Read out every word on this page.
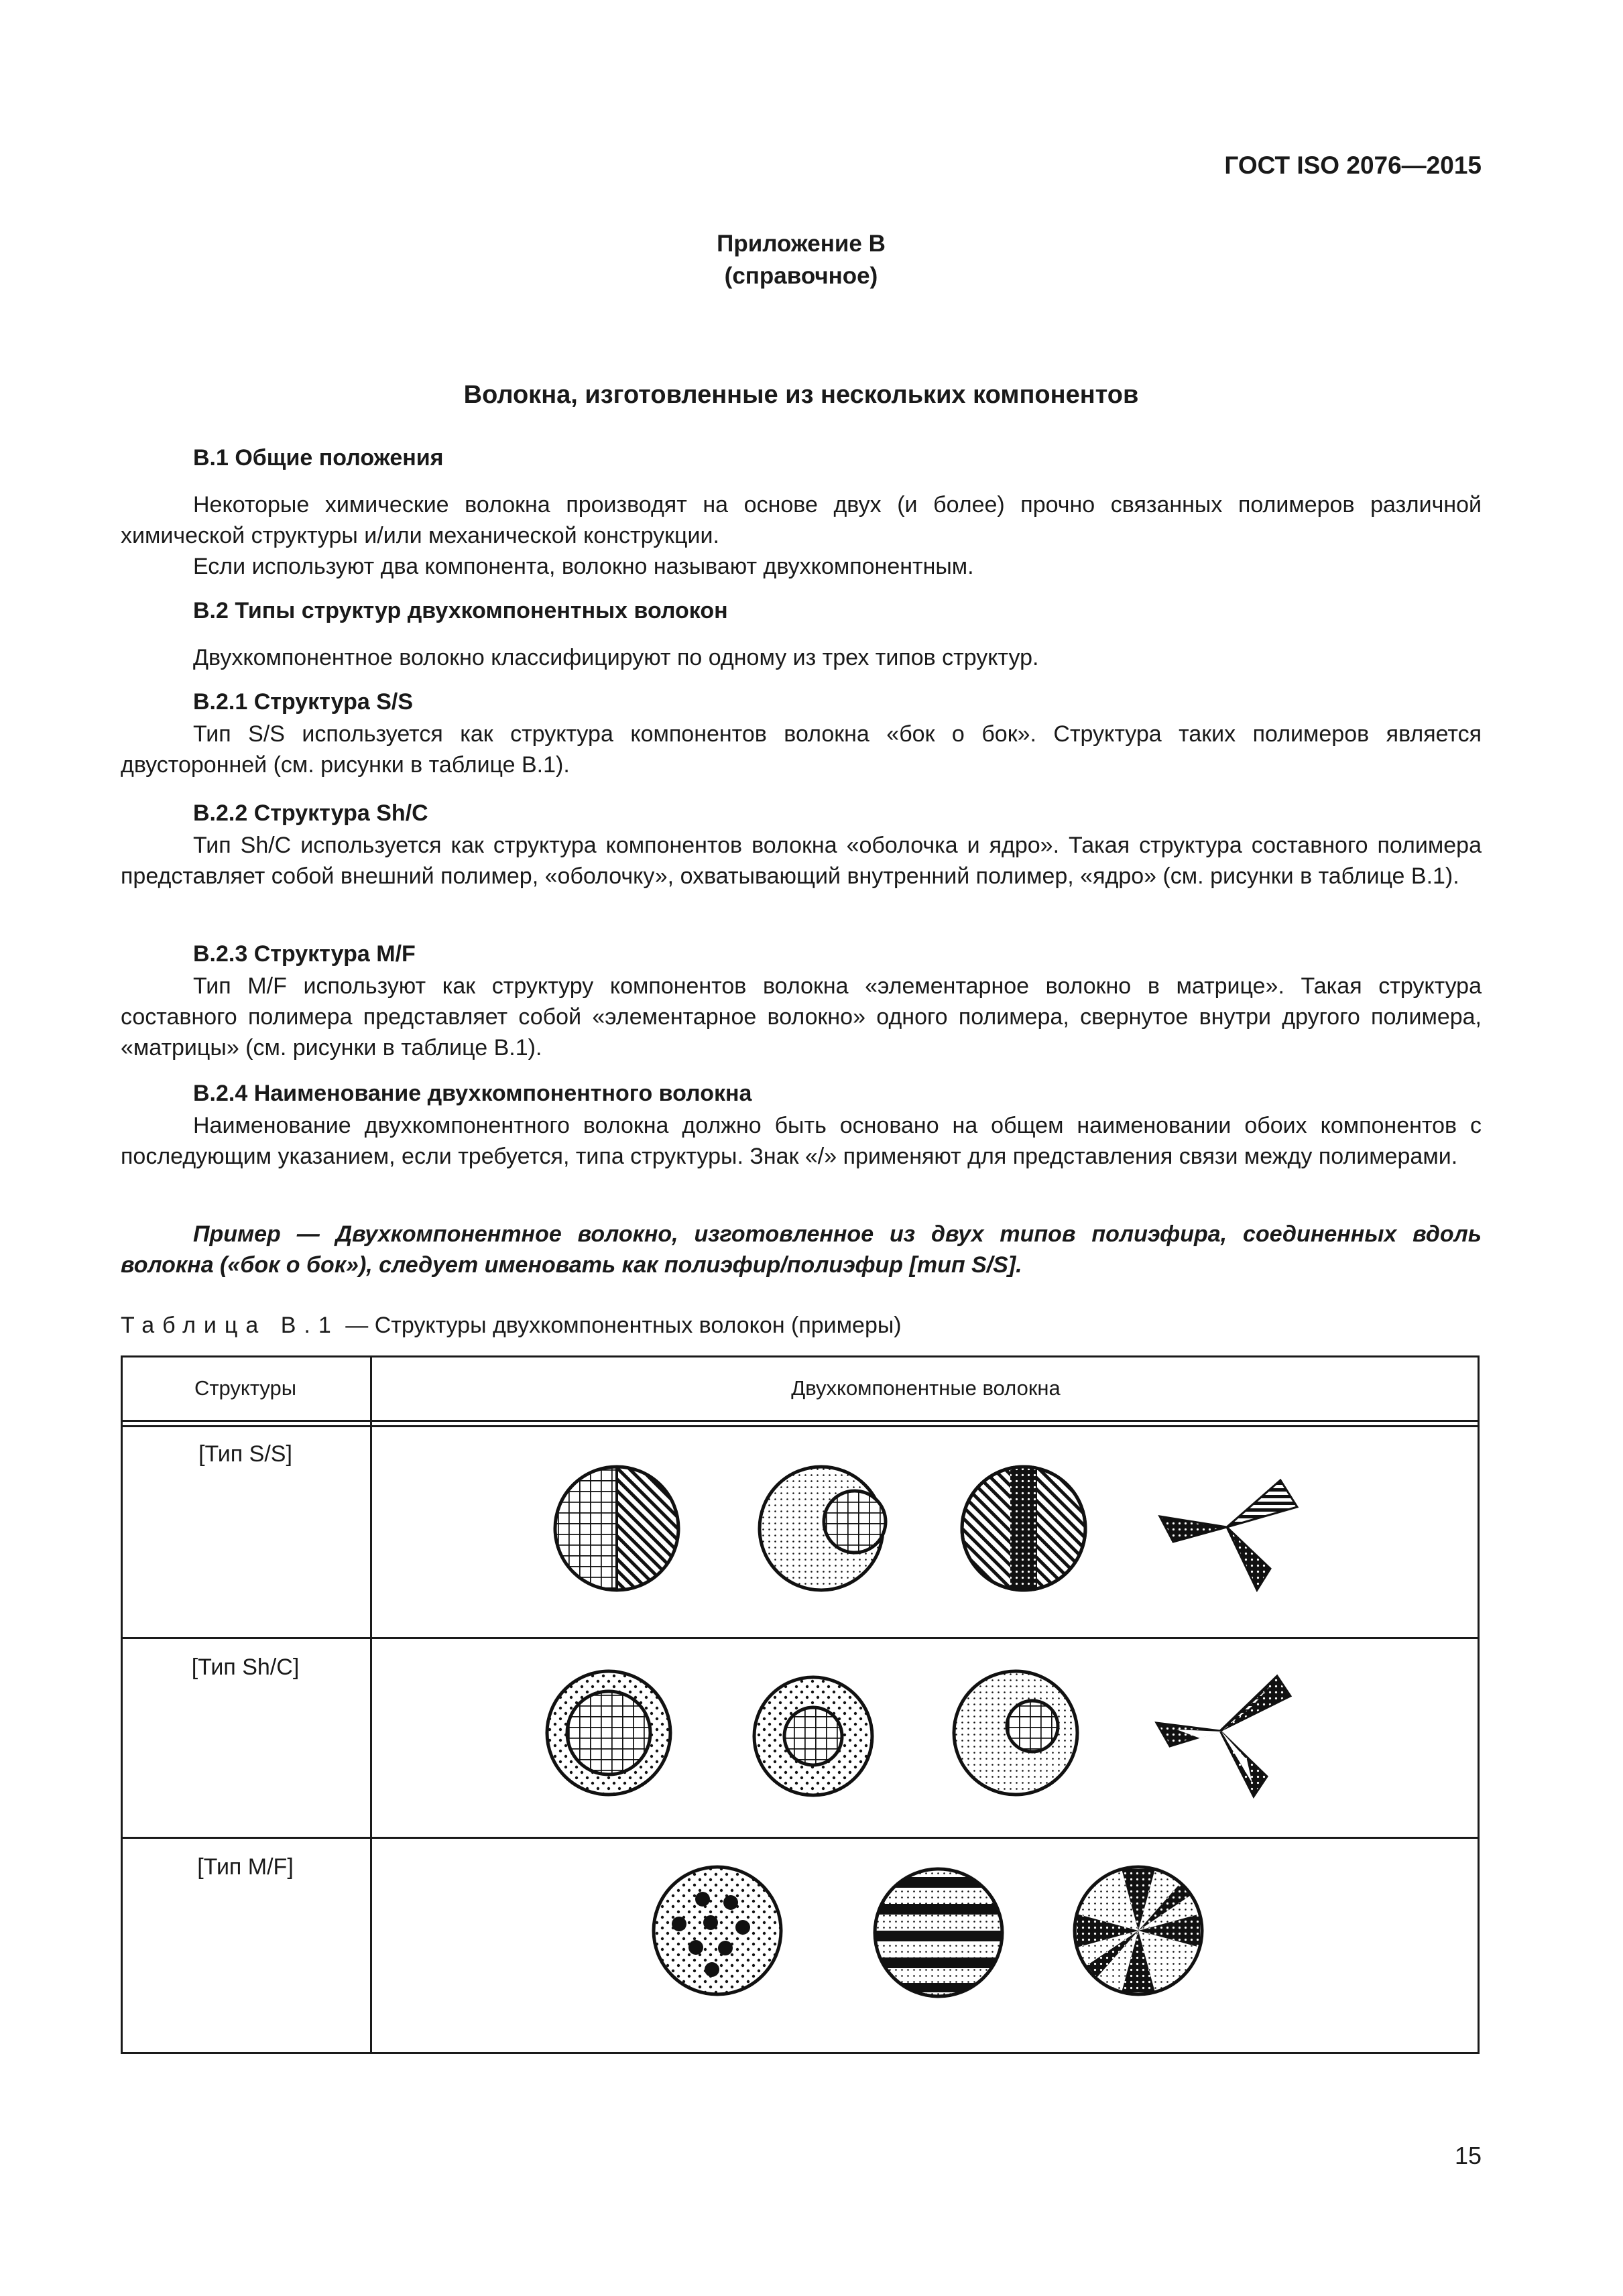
ГОСТ ISO 2076—2015
Приложение В
(справочное)
Волокна, изготовленные из нескольких компонентов
В.1 Общие положения
Некоторые химические волокна производят на основе двух (и более) прочно связанных полимеров различной химической структуры и/или механической конструкции.
Если используют два компонента, волокно называют двухкомпонентным.
В.2 Типы структур двухкомпонентных волокон
Двухкомпонентное волокно классифицируют по одному из трех типов структур.
В.2.1 Структура S/S
Тип S/S используется как структура компонентов волокна «бок о бок». Структура таких полимеров является двусторонней (см. рисунки в таблице В.1).
В.2.2 Структура Sh/C
Тип Sh/C используется как структура компонентов волокна «оболочка и ядро». Такая структура составного полимера представляет собой внешний полимер, «оболочку», охватывающий внутренний полимер, «ядро» (см. рисунки в таблице В.1).
В.2.3 Структура M/F
Тип M/F используют как структуру компонентов волокна «элементарное волокно в матрице». Такая структура составного полимера представляет собой «элементарное волокно» одного полимера, свернутое внутри другого полимера, «матрицы» (см. рисунки в таблице В.1).
В.2.4 Наименование двухкомпонентного волокна
Наименование двухкомпонентного волокна должно быть основано на общем наименовании обоих компонентов с последующим указанием, если требуется, типа структуры. Знак «/» применяют для представления связи между полимерами.
Пример — Двухкомпонентное волокно, изготовленное из двух типов полиэфира, соединенных вдоль волокна («бок о бок»), следует именовать как полиэфир/полиэфир [тип S/S].
Таблица В.1 — Структуры двухкомпонентных волокон (примеры)
Структуры	Двухкомпонентные волокна
[Тип S/S]
[Тип Sh/C]
[Тип M/F]
15
